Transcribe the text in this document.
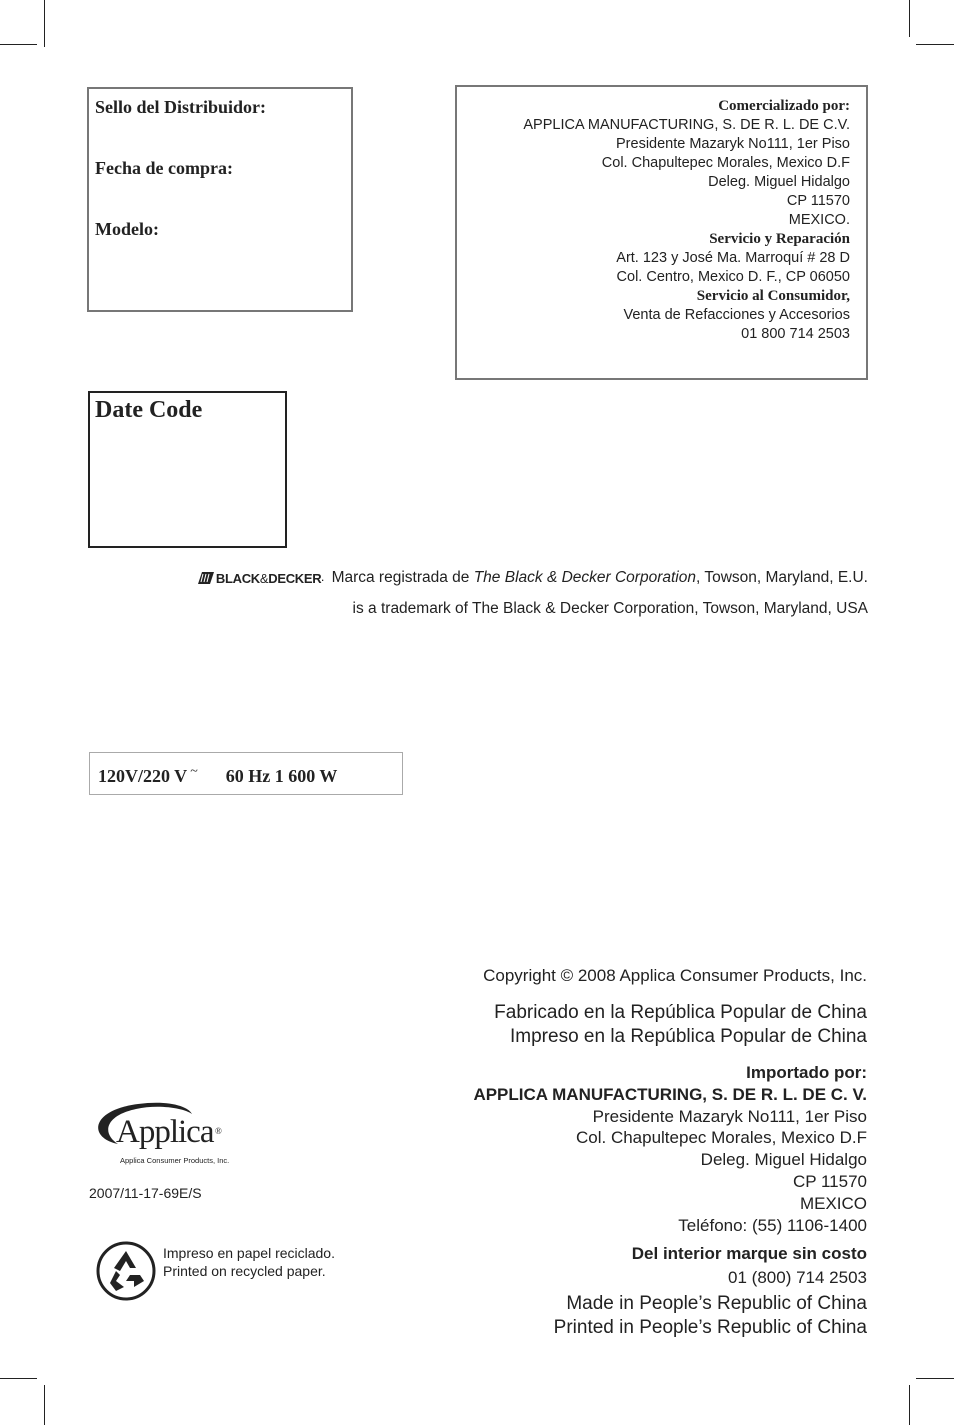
Sello del Distribuidor:
Fecha de compra:
Modelo:
Comercializado por:
APPLICA MANUFACTURING, S. DE R. L. DE C.V.
Presidente Mazaryk No111, 1er Piso
Col. Chapultepec Morales, Mexico D.F
Deleg. Miguel Hidalgo
CP 11570
MEXICO.
Servicio y Reparación
Art. 123 y José Ma. Marroquí # 28 D
Col. Centro, Mexico D. F., CP 06050
Servicio al Consumidor,
Venta de Refacciones y Accesorios
01 800 714 2503
Date Code
BLACK & DECKER . Marca registrada de The Black & Decker Corporation , Towson, Maryland, E.U.
is a trademark of The Black & Decker Corporation, Towson, Maryland, USA
120V/220 V ~ 60 Hz 1 600 W
Copyright © 2008 Applica Consumer Products, Inc.
Fabricado en la República Popular de China
Impreso en la República Popular de China
Importado por:
APPLICA MANUFACTURING, S. DE R. L. DE C. V.
Presidente Mazaryk No111, 1er Piso
Col. Chapultepec Morales, Mexico D.F
Deleg. Miguel Hidalgo
CP 11570
MEXICO
Teléfono: (55) 1106-1400
Del interior marque sin costo
01 (800) 714 2503
Made in People’s Republic of China
Printed in People’s Republic of China
Applica ®
Applica Consumer Products, Inc.
2007/11-17-69E/S
Impreso en papel reciclado.
Printed on recycled paper.
